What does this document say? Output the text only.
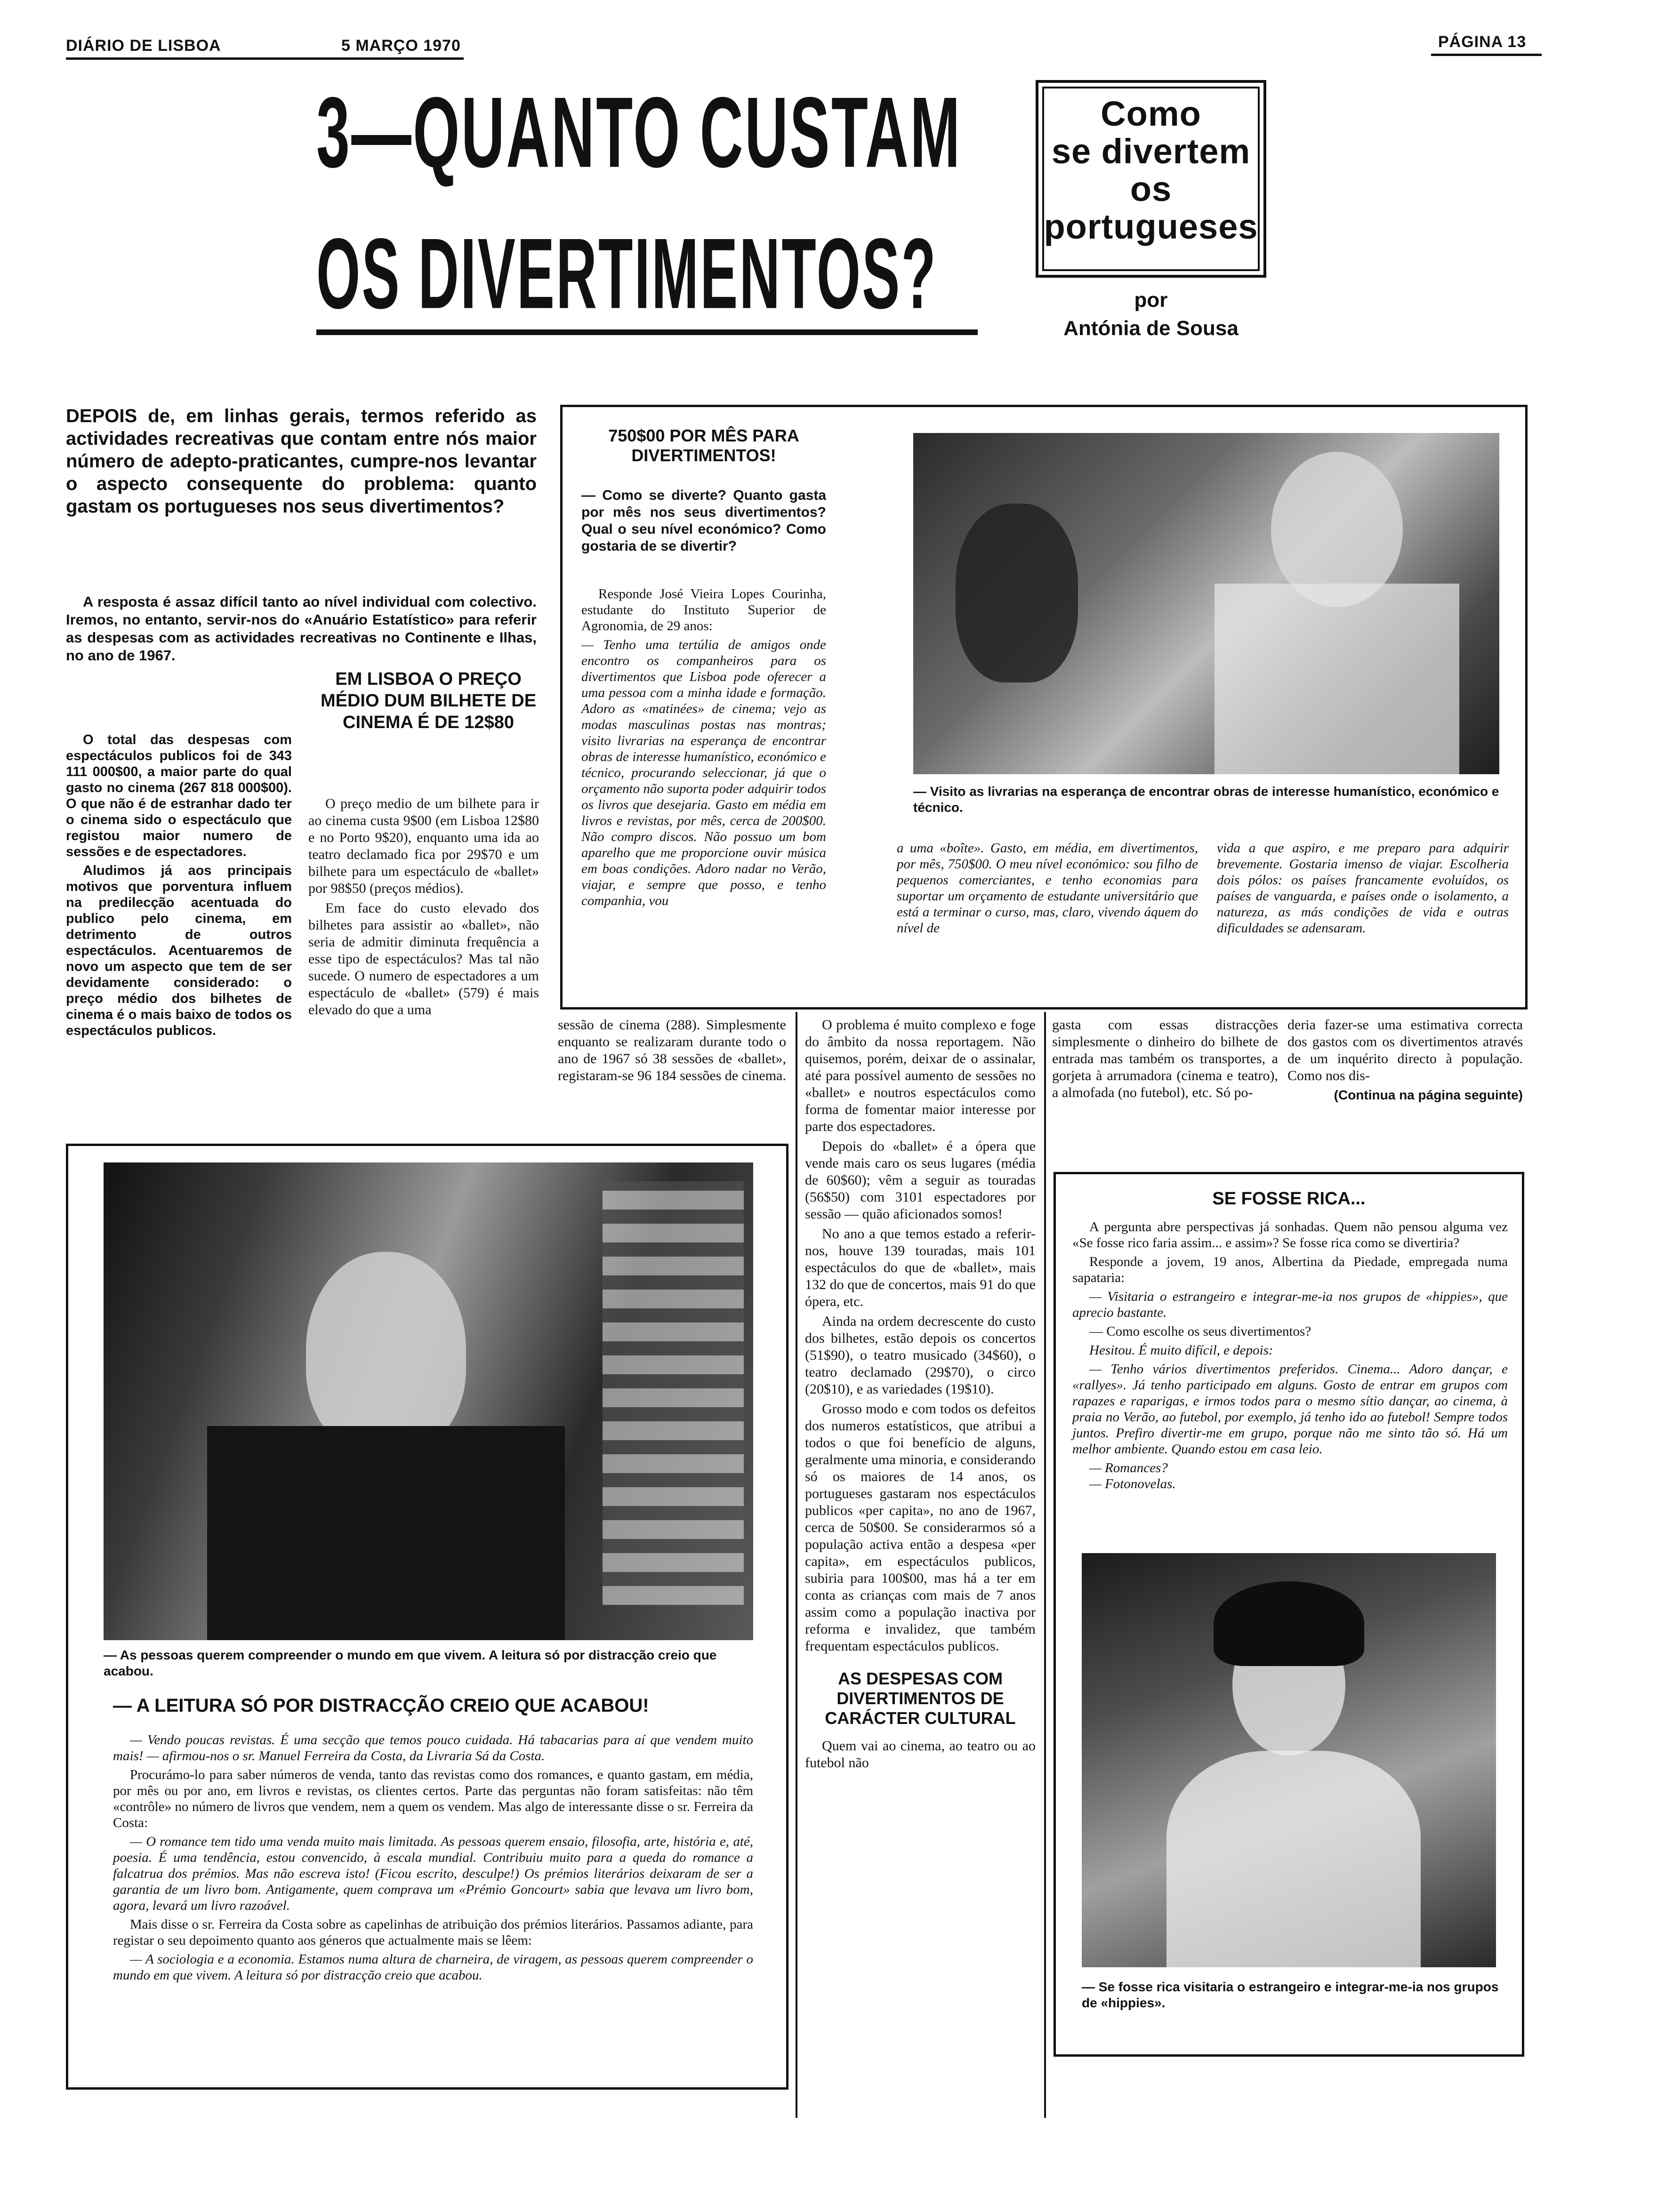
DIÁRIO DE LISBOA	5 MARÇO 1970	PÁGINA 13
3—QUANTO CUSTAM
OS DIVERTIMENTOS?
Como
se divertem
os
portugueses
por
Antónia de Sousa
DEPOIS de, em linhas gerais, termos referido as actividades recreativas que contam entre nós maior número de adepto-praticantes, cumpre-nos levantar o aspecto consequente do problema: quanto gastam os portugueses nos seus divertimentos?

A resposta é assaz difícil tanto ao nível individual com colectivo. Iremos, no entanto, servir-nos do «Anuário Estatístico» para referir as despesas com as actividades recreativas no Continente e Ilhas, no ano de 1967.

O total das despesas com espectáculos publicos foi de 343 111 000$00, a maior parte do qual gasto no cinema (267 818 000$00). O que não é de estranhar dado ter o cinema sido o espectáculo que registou maior numero de sessões e de espectadores.

Aludimos já aos principais motivos que porventura influem na predilecção acentuada do publico pelo cinema, em detrimento de outros espectáculos. Acentuaremos de novo um aspecto que tem de ser devidamente considerado: o preço médio dos bilhetes de cinema é o mais baixo de todos os espectáculos publicos.

EM LISBOA O PREÇO MÉDIO DUM BILHETE DE CINEMA É DE 12$80

O preço medio de um bilhete para ir ao cinema custa 9$00 (em Lisboa 12$80 e no Porto 9$20), enquanto uma ida ao teatro declamado fica por 29$70 e um bilhete para um espectáculo de «ballet» por 98$50 (preços médios).

Em face do custo elevado dos bilhetes para assistir ao «ballet», não seria de admitir diminuta frequência a esse tipo de espectáculos? Mas tal não sucede. O numero de espectadores a um espectáculo de «ballet» (579) é mais elevado do que a uma

750$00 POR MÊS PARA DIVERTIMENTOS!
— Como se diverte? Quanto gasta por mês nos seus divertimentos? Qual o seu nível económico? Como gostaria de se divertir?

Responde José Vieira Lopes Courinha, estudante do Instituto Superior de Agronomia, de 29 anos:

— Tenho uma tertúlia de amigos onde encontro os companheiros para os divertimentos que Lisboa pode oferecer a uma pessoa com a minha idade e formação. Adoro as «matinées» de cinema; vejo as modas masculinas postas nas montras; visito livrarias na esperança de encontrar obras de interesse humanístico, económico e técnico, procurando seleccionar, já que o orçamento não suporta poder adquirir todos os livros que desejaria. Gasto em média em livros e revistas, por mês, cerca de 200$00. Não compro discos. Não possuo um bom aparelho que me proporcione ouvir música em boas condições. Adoro nadar no Verão, viajar, e sempre que posso, e tenho companhia, vou

— Visito as livrarias na esperança de encontrar obras de interesse humanístico, económico e técnico.
a uma «boîte». Gasto, em média, em divertimentos, por mês, 750$00. O meu nível económico: sou filho de pequenos comerciantes, e tenho economias para suportar um orçamento de estudante universitário que está a terminar o curso, mas, claro, vivendo áquem do nível de
vida a que aspiro, e me preparo para adquirir brevemente. Gostaria imenso de viajar. Escolheria dois pólos: os países francamente evoluídos, os países de vanguarda, e países onde o isolamento, a natureza, as más condições de vida e outras dificuldades se adensaram.

sessão de cinema (288). Simplesmente enquanto se realizaram durante todo o ano de 1967 só 38 sessões de «ballet», registaram-se 96 184 sessões de cinema.

O problema é muito complexo e foge do âmbito da nossa reportagem. Não quisemos, porém, deixar de o assinalar, até para possível aumento de sessões no «ballet» e noutros espectáculos como forma de fomentar maior interesse por parte dos espectadores.

Depois do «ballet» é a ópera que vende mais caro os seus lugares (média de 60$60); vêm a seguir as touradas (56$50) com 3101 espectadores por sessão — quão aficionados somos!

No ano a que temos estado a referir-nos, houve 139 touradas, mais 101 espectáculos do que de «ballet», mais 132 do que de concertos, mais 91 do que ópera, etc.

Ainda na ordem decrescente do custo dos bilhetes, estão depois os concertos (51$90), o teatro musicado (34$60), o teatro declamado (29$70), o circo (20$10), e as variedades (19$10).

Grosso modo e com todos os defeitos dos numeros estatísticos, que atribui a todos o que foi benefício de alguns, geralmente uma minoria, e considerando só os maiores de 14 anos, os portugueses gastaram nos espectáculos publicos «per capita», no ano de 1967, cerca de 50$00. Se considerarmos só a população activa então a despesa «per capita», em espectáculos publicos, subiria para 100$00, mas há a ter em conta as crianças com mais de 7 anos assim como a população inactiva por reforma e invalidez, que também frequentam espectáculos publicos.

AS DESPESAS COM DIVERTIMENTOS DE CARÁCTER CULTURAL

Quem vai ao cinema, ao teatro ou ao futebol não

gasta com essas distracções simplesmente o dinheiro do bilhete de entrada mas também os transportes, a gorjeta à arrumadora (cinema e teatro), a almofada (no futebol), etc. Só po-

deria fazer-se uma estimativa correcta dos gastos com os divertimentos através de um inquérito directo à população. Como nos dis-

(Continua na página seguinte)

— As pessoas querem compreender o mundo em que vivem. A leitura só por distracção creio que acabou.
— A LEITURA SÓ POR DISTRACÇÃO CREIO QUE ACABOU!

— Vendo poucas revistas. É uma secção que temos pouco cuidada. Há tabacarias para aí que vendem muito mais! — afirmou-nos o sr. Manuel Ferreira da Costa, da Livraria Sá da Costa.

Procurámo-lo para saber números de venda, tanto das revistas como dos romances, e quanto gastam, em média, por mês ou por ano, em livros e revistas, os clientes certos. Parte das perguntas não foram satisfeitas: não têm «contrôle» no número de livros que vendem, nem a quem os vendem. Mas algo de interessante disse o sr. Ferreira da Costa:

— O romance tem tido uma venda muito mais limitada. As pessoas querem ensaio, filosofia, arte, história e, até, poesia. É uma tendência, estou convencido, à escala mundial. Contribuiu muito para a queda do romance a falcatrua dos prémios. Mas não escreva isto! (Ficou escrito, desculpe!) Os prémios literários deixaram de ser a garantia de um livro bom. Antigamente, quem comprava um «Prémio Goncourt» sabia que levava um livro bom, agora, levará um livro razoável.

Mais disse o sr. Ferreira da Costa sobre as capelinhas de atribuição dos prémios literários. Passamos adiante, para registar o seu depoimento quanto aos géneros que actualmente mais se lêem:

— A sociologia e a economia. Estamos numa altura de charneira, de viragem, as pessoas querem compreender o mundo em que vivem. A leitura só por distracção creio que acabou.

SE FOSSE RICA...

A pergunta abre perspectivas já sonhadas. Quem não pensou alguma vez «Se fosse rico faria assim... e assim»? Se fosse rica como se divertiria?

Responde a jovem, 19 anos, Albertina da Piedade, empregada numa sapataria:

— Visitaria o estrangeiro e integrar-me-ia nos grupos de «hippies», que aprecio bastante.

— Como escolhe os seus divertimentos?

Hesitou. É muito difícil, e depois:

— Tenho vários divertimentos preferidos. Cinema... Adoro dançar, e «rallyes». Já tenho participado em alguns. Gosto de entrar em grupos com rapazes e raparigas, e irmos todos para o mesmo sítio dançar, ao cinema, à praia no Verão, ao futebol, por exemplo, já tenho ido ao futebol! Sempre todos juntos. Prefiro divertir-me em grupo, porque não me sinto tão só. Há um melhor ambiente. Quando estou em casa leio.

— Romances?

— Fotonovelas.

— Se fosse rica visitaria o estrangeiro e integrar-me-ia nos grupos de «hippies».
